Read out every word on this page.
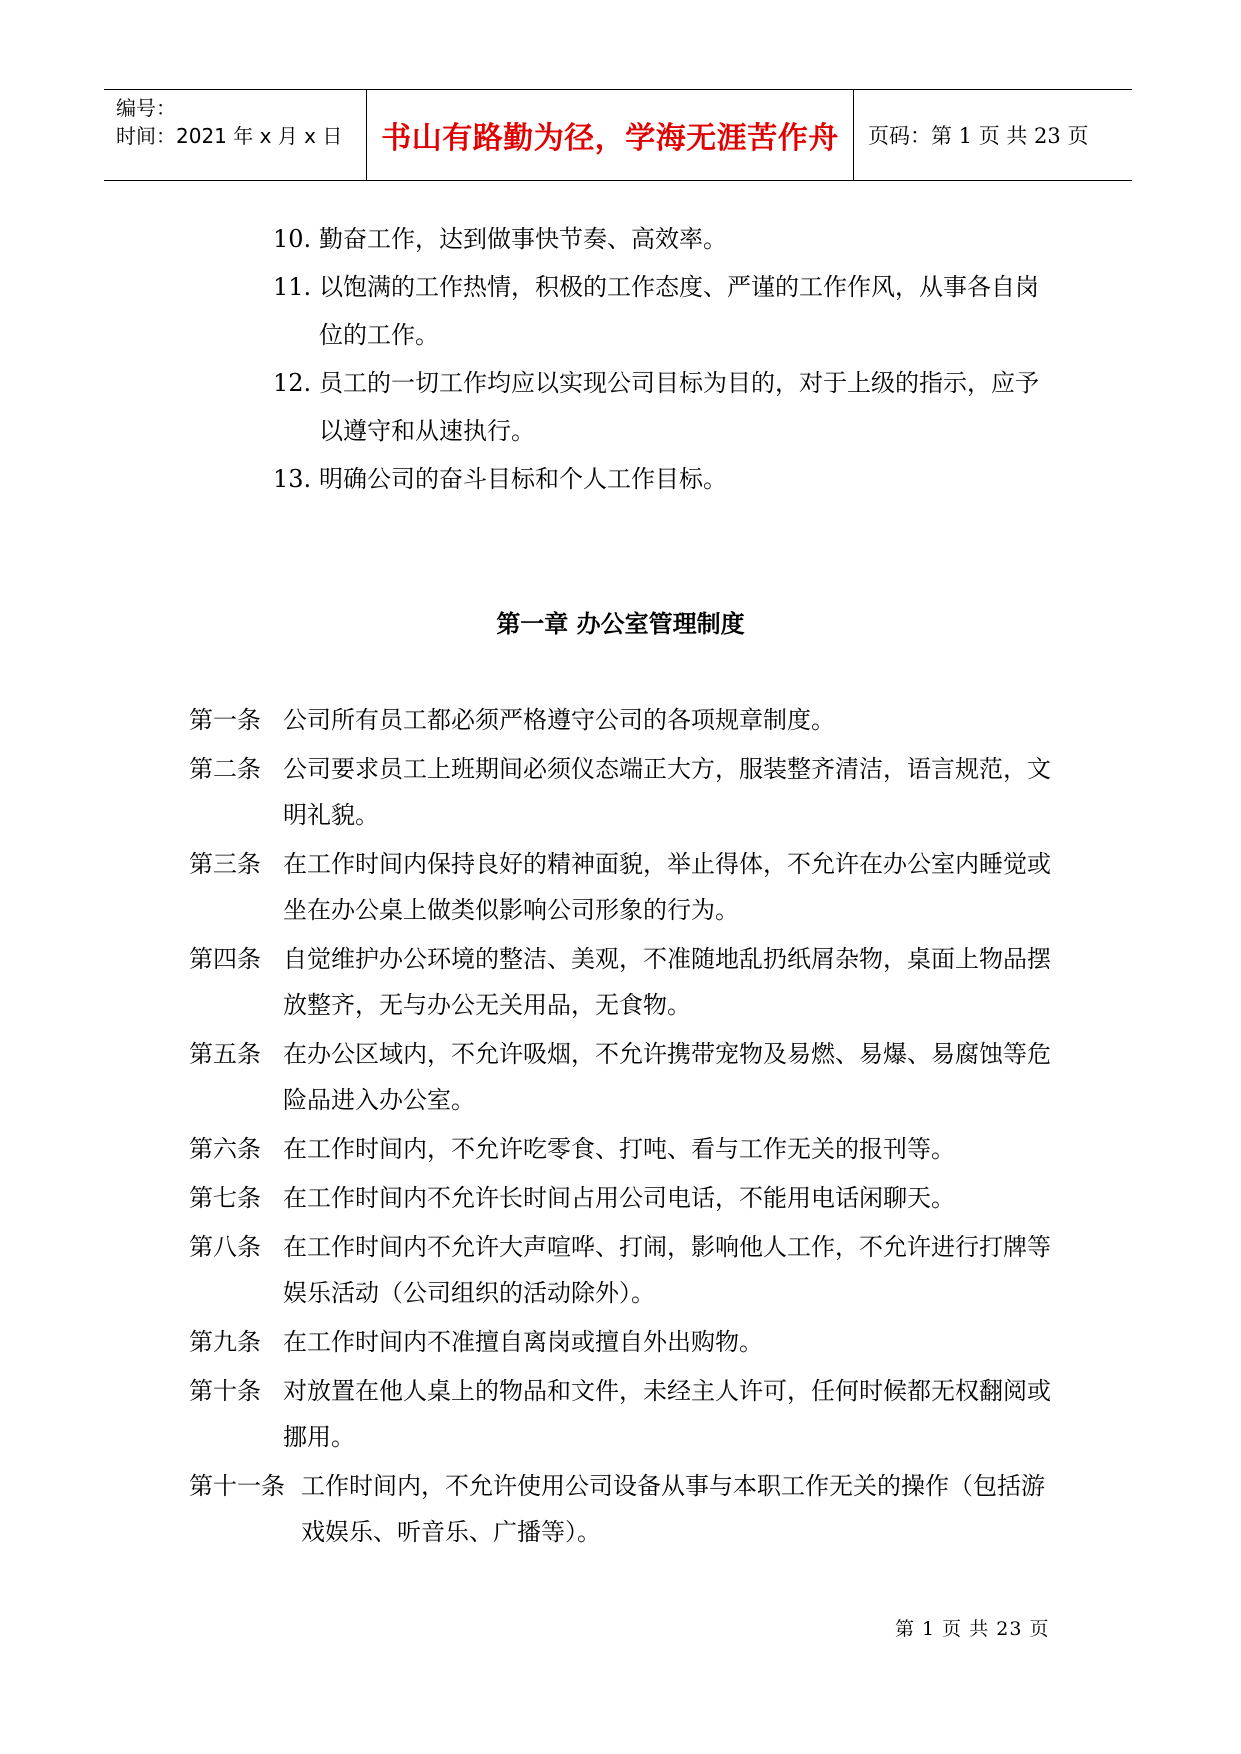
编号：
时间：2021 年 x 月 x 日	书山有路勤为径，学海无涯苦作舟 页码：第 1 页 共 23 页
10. 勤奋工作，达到做事快节奏、高效率。
11. 以饱满的工作热情，积极的工作态度、严谨的工作作风，从事各自岗位的工作。
12. 员工的一切工作均应以实现公司目标为目的，对于上级的指示，应予以遵守和从速执行。
13. 明确公司的奋斗目标和个人工作目标。
第一章 办公室管理制度
第一条 公司所有员工都必须严格遵守公司的各项规章制度。
第二条 公司要求员工上班期间必须仪态端正大方，服装整齐清洁，语言规范，文明礼貌。
第三条 在工作时间内保持良好的精神面貌，举止得体，不允许在办公室内睡觉或坐在办公桌上做类似影响公司形象的行为。
第四条 自觉维护办公环境的整洁、美观，不准随地乱扔纸屑杂物，桌面上物品摆放整齐，无与办公无关用品，无食物。
第五条 在办公区域内，不允许吸烟，不允许携带宠物及易燃、易爆、易腐蚀等危险品进入办公室。
第六条 在工作时间内，不允许吃零食、打吨、看与工作无关的报刊等。
第七条 在工作时间内不允许长时间占用公司电话，不能用电话闲聊天。
第八条 在工作时间内不允许大声喧哗、打闹，影响他人工作，不允许进行打牌等娱乐活动（公司组织的活动除外）。
第九条 在工作时间内不准擅自离岗或擅自外出购物。
第十条 对放置在他人桌上的物品和文件，未经主人许可，任何时候都无权翻阅或挪用。
第十一条 工作时间内，不允许使用公司设备从事与本职工作无关的操作（包括游戏娱乐、听音乐、广播等）。
第 1 页 共 23 页
